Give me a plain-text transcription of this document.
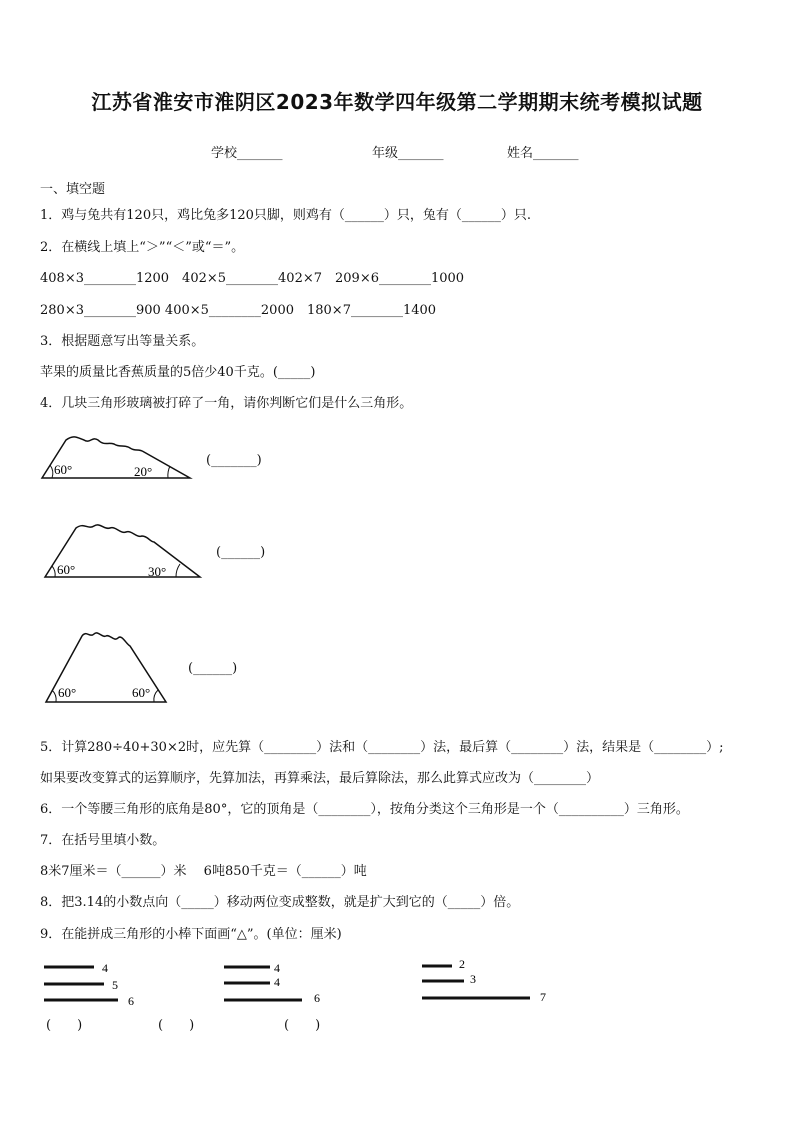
江苏省淮安市淮阴区2023年数学四年级第二学期期末统考模拟试题
学校_______	年级_______	姓名_______
一、填空题
1．鸡与兔共有120只，鸡比兔多120只脚，则鸡有（______）只，兔有（______）只.
2．在横线上填上“＞”“＜”或“＝”。
408×3________1200　402×5________402×7　209×6________1000
280×3________900 400×5________2000　180×7________1400
3．根据题意写出等量关系。
苹果的质量比香蕉质量的5倍少40千克。(_____)
4．几块三角形玻璃被打碎了一角，请你判断它们是什么三角形。
60°	20°
(_______)
60°	30°
(______)
60°	60°
(______)
5．计算280÷40+30×2时，应先算（________）法和（________）法，最后算（________）法，结果是（________）;
如果要改变算式的运算顺序，先算加法，再算乘法，最后算除法，那么此算式应改为（________）
6．一个等腰三角形的底角是80°，它的顶角是（________），按角分类这个三角形是一个（__________）三角形。
7．在括号里填小数。
8米7厘米＝（______）米　 6吨850千克＝（______）吨
8．把3.14的小数点向（_____）移动两位变成整数，就是扩大到它的（_____）倍。
9．在能拼成三角形的小棒下面画“△”。(单位：厘米)
4
5
6
4
4
6
2
3
7
(　　)	(　　)	(　　)
